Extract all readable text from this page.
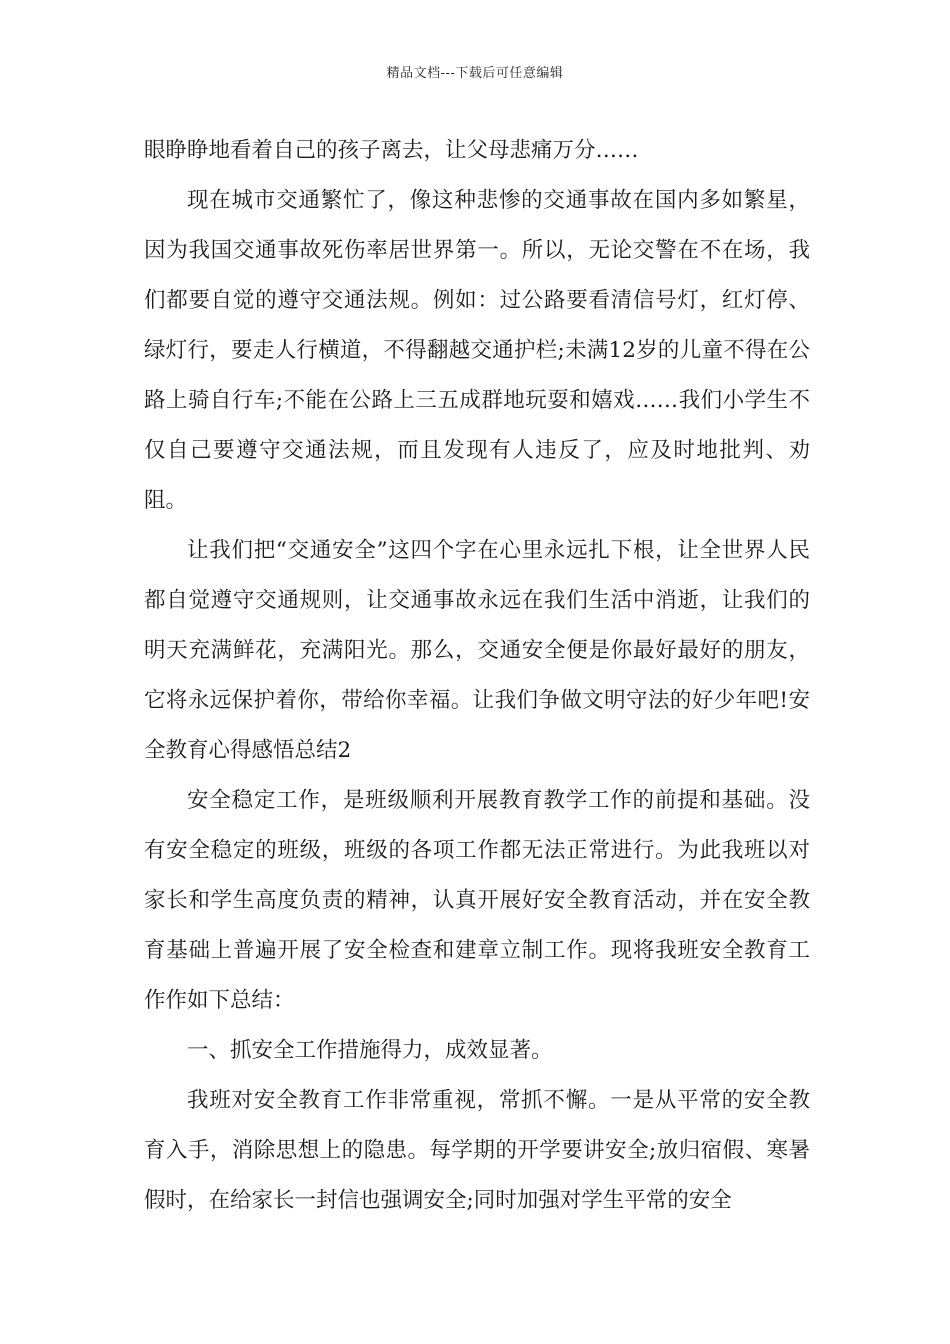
精品文档---下载后可任意编辑

眼睁睁地看着自己的孩子离去，让父母悲痛万分……

现在城市交通繁忙了，像这种悲惨的交通事故在国内多如繁星，因为我国交通事故死伤率居世界第一。所以，无论交警在不在场，我们都要自觉的遵守交通法规。例如：过公路要看清信号灯，红灯停、绿灯行，要走人行横道，不得翻越交通护栏;未满12岁的儿童不得在公路上骑自行车;不能在公路上三五成群地玩耍和嬉戏……我们小学生不仅自己要遵守交通法规，而且发现有人违反了，应及时地批判、劝阻。

让我们把“交通安全”这四个字在心里永远扎下根，让全世界人民都自觉遵守交通规则，让交通事故永远在我们生活中消逝，让我们的明天充满鲜花，充满阳光。那么，交通安全便是你最好最好的朋友，它将永远保护着你，带给你幸福。让我们争做文明守法的好少年吧!安全教育心得感悟总结2

安全稳定工作，是班级顺利开展教育教学工作的前提和基础。没有安全稳定的班级，班级的各项工作都无法正常进行。为此我班以对家长和学生高度负责的精神，认真开展好安全教育活动，并在安全教育基础上普遍开展了安全检查和建章立制工作。现将我班安全教育工作作如下总结：

一、抓安全工作措施得力，成效显著。

我班对安全教育工作非常重视，常抓不懈。一是从平常的安全教育入手，消除思想上的隐患。每学期的开学要讲安全;放归宿假、寒暑假时，在给家长一封信也强调安全;同时加强对学生平常的安全
